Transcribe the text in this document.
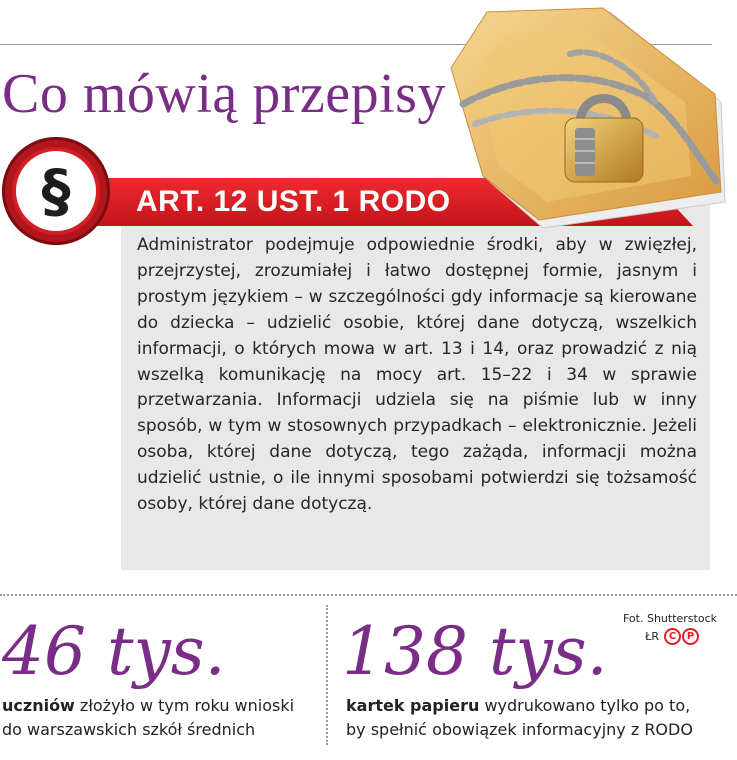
Co mówią przepisy
ART. 12 UST. 1 RODO
§

Administrator podejmuje odpowiednie środki, aby w zwięzłej, przejrzystej, zrozumiałej i łatwo dostępnej formie, jasnym i prostym językiem – w szczególności gdy informacje są kierowane do dziecka – udzielić osobie, której dane dotyczą, wszelkich informacji, o których mowa w art. 13 i 14, oraz prowadzić z nią wszelką komunikację na mocy art. 15–22 i 34 w sprawie przetwarzania. Informacji udziela się na piśmie lub w inny sposób, w tym w stosownych przypadkach – elektronicznie. Jeżeli osoba, której dane dotyczą, tego zażąda, informacji można udzielić ustnie, o ile innymi sposobami potwierdzi się tożsamość osoby, której dane dotyczą.

Fot. Shutterstock

ŁR C P
46 tys.

uczniów złożyło w tym roku wnioski
do warszawskich szkół średnich

138 tys.

kartek papieru wydrukowano tylko po to,
by spełnić obowiązek informacyjny z RODO
